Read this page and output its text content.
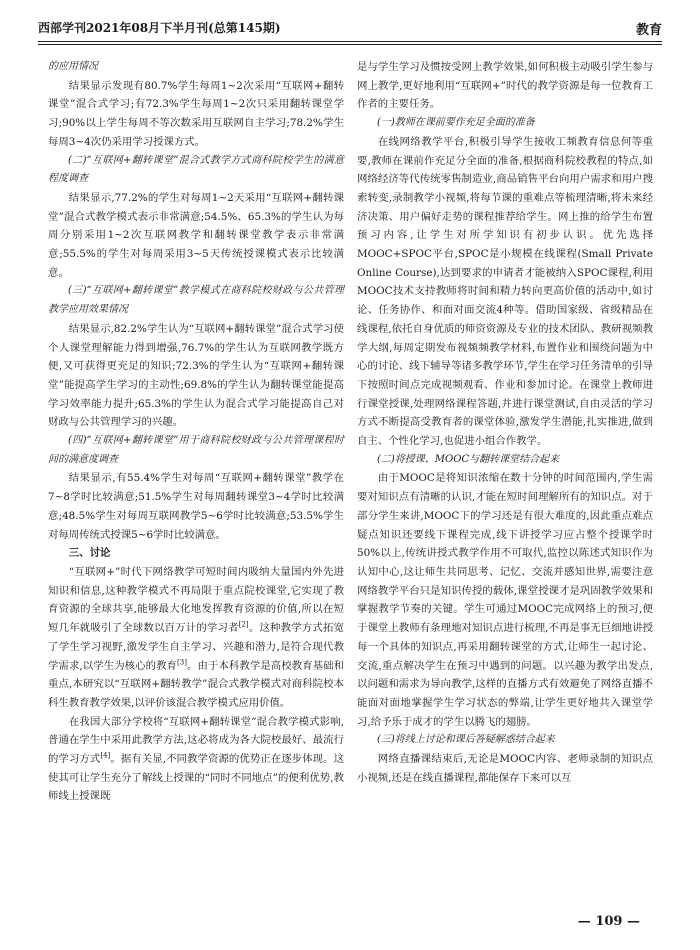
西部学刊2021年08月下半月刊(总第145期)	教育

的应用情况

结果显示发现有80.7%学生每周1~2次采用“互联网+翻转课堂”混合式学习;有72.3%学生每周1~2次只采用翻转课堂学习;90%以上学生每周不等次数采用互联网自主学习;78.2%学生每周3~4次仍采用学习授课方式。

(二)“互联网+翻转课堂”混合式教学方式商科院校学生的满意程度调查

结果显示,77.2%的学生对每周1~2天采用“互联网+翻转课堂”混合式教学模式表示非常满意;54.5%、65.3%的学生认为每周分别采用1~2次互联网教学和翻转课堂教学表示非常满意;55.5%的学生对每周采用3~5天传统授课模式表示比较满意。

(三)“互联网+翻转课堂”教学模式在商科院校财政与公共管理教学应用效果情况

结果显示,82.2%学生认为“互联网+翻转课堂”混合式学习使个人课堂理解能力得到增强,76.7%的学生认为互联网教学既方便,又可获得更充足的知识;72.3%的学生认为“互联网+翻转课堂”能提高学生学习的主动性;69.8%的学生认为翻转课堂能提高学习效率能力提升;65.3%的学生认为混合式学习能提高自己对财政与公共管理学习的兴趣。

(四)“互联网+翻转课堂”用于商科院校财政与公共管理课程时间的满意度调查

结果显示,有55.4%学生对每周“互联网+翻转课堂”教学在7~8学时比较满意;51.5%学生对每周翻转课堂3~4学时比较满意;48.5%学生对每周互联网教学5~6学时比较满意;53.5%学生对每周传统式授课5~6学时比较满意。

三、讨论

“互联网+”时代下网络教学可短时间内吸纳大量国内外先进知识和信息,这种教学模式不再局限于重点院校课堂,它实现了教育资源的全球共享,能够最大化地发挥教育资源的价值,所以在短短几年就吸引了全球数以百万计的学习者[2]。这种教学方式拓宽了学生学习视野,激发学生自主学习、兴趣和潜力,是符合现代教学需求,以学生为核心的教育[3]。由于本科教学是高校教育基础和重点,本研究以“互联网+翻转教学”混合式教学模式对商科院校本科生教育教学效果,以评价该混合教学模式应用价值。

在我国大部分学校将“互联网+翻转课堂”混合教学模式影响,普通在学生中采用此教学方法,这必将成为各大院校最好、最流行的学习方式[4]。据有关显,不同教学资源的优势正在逐步体现。这使其可让学生充分了解线上授课的“同时不同地点”的便利优势,教师线上授课既

是与学生学习及惯按受网上教学效果,如何积极主动吸引学生参与网上教学,更好地利用“互联网+”时代的教学资源是每一位教育工作者的主要任务。

(一)教师在课前要作充足全面的准备

在线网络教学平台,积极引导学生接收工频教育信息何等重要,教师在课前作充足分全面的准备,根据商科院校教程的特点,如网络经济等代传统零售制造业,商品销售平台向用户需求和用户搜索转变,录制教学小视频,将每节课的重难点等梳理清晰,将未来经济决策、用户偏好走势的课程推荐给学生。网上推的给学生布置预习内容,让学生对所学知识有初步认识。优先选择MOOC+SPOC平台,SPOC是小规模在线课程(Small Private Online Course),达到要求的申请者才能被纳入SPOC课程,利用MOOC技术支持教师将时间和精力转向更高价值的活动中,如讨论、任务协作、和面对面交流4种等。借助国家级、省级精品在线课程,依托自身优质的师资资源及专业的技术团队、教研视频教学大纲,每周定期发布视频频教学材料,布置作业和围绕问题为中心的讨论、线下辅导等诸多教学环节,学生在学习任务清单的引导下按照时间点完成视频观看、作业和参加讨论。在课堂上教师进行课堂授课,处理网络课程答题,并进行课堂测试,自由灵活的学习方式不断提高受教育者的课堂体验,激发学生潜能,扎实推进,做到自主、个性化学习,也促进小组合作教学。

(二)将授课、MOOC与翻转课堂结合起来

由于MOOC是将知识浓缩在数十分钟的时间范围内,学生需要对知识点有清晰的认识,才能在短时间理解所有的知识点。对于部分学生来讲,MOOC下的学习还是有很大难度的,因此重点难点疑点知识还要线下课程完成,线下讲授学习应占整个授课学时50%以上,传统讲授式教学作用不可取代,监控以陈述式知识作为认知中心,这让师生共同思考、记忆、交流并感知世界,需要注意网络教学平台只是知识传授的载体,课堂授课才是巩固教学效果和掌握教学节奏的关键。学生可通过MOOC完成网络上的预习,便于课堂上教师有条理地对知识点进行梳理,不再是事无巨细地讲授每一个具体的知识点,再采用翻转课堂的方式,让师生一起讨论、交流,重点解决学生在预习中遇到的问题。以兴趣为教学出发点,以问题和需求为导向教学,这样的直播方式有效避免了网络直播不能面对面地掌握学生学习状态的弊端,让学生更好地共入课堂学习,给予乐于成才的学生以腾飞的翅膀。

(三)将线上讨论和课后答疑解惑结合起来

网络直播课结束后,无论是MOOC内容、老师录制的知识点小视频,还是在线直播课程,都能保存下来可以互

— 109 —
